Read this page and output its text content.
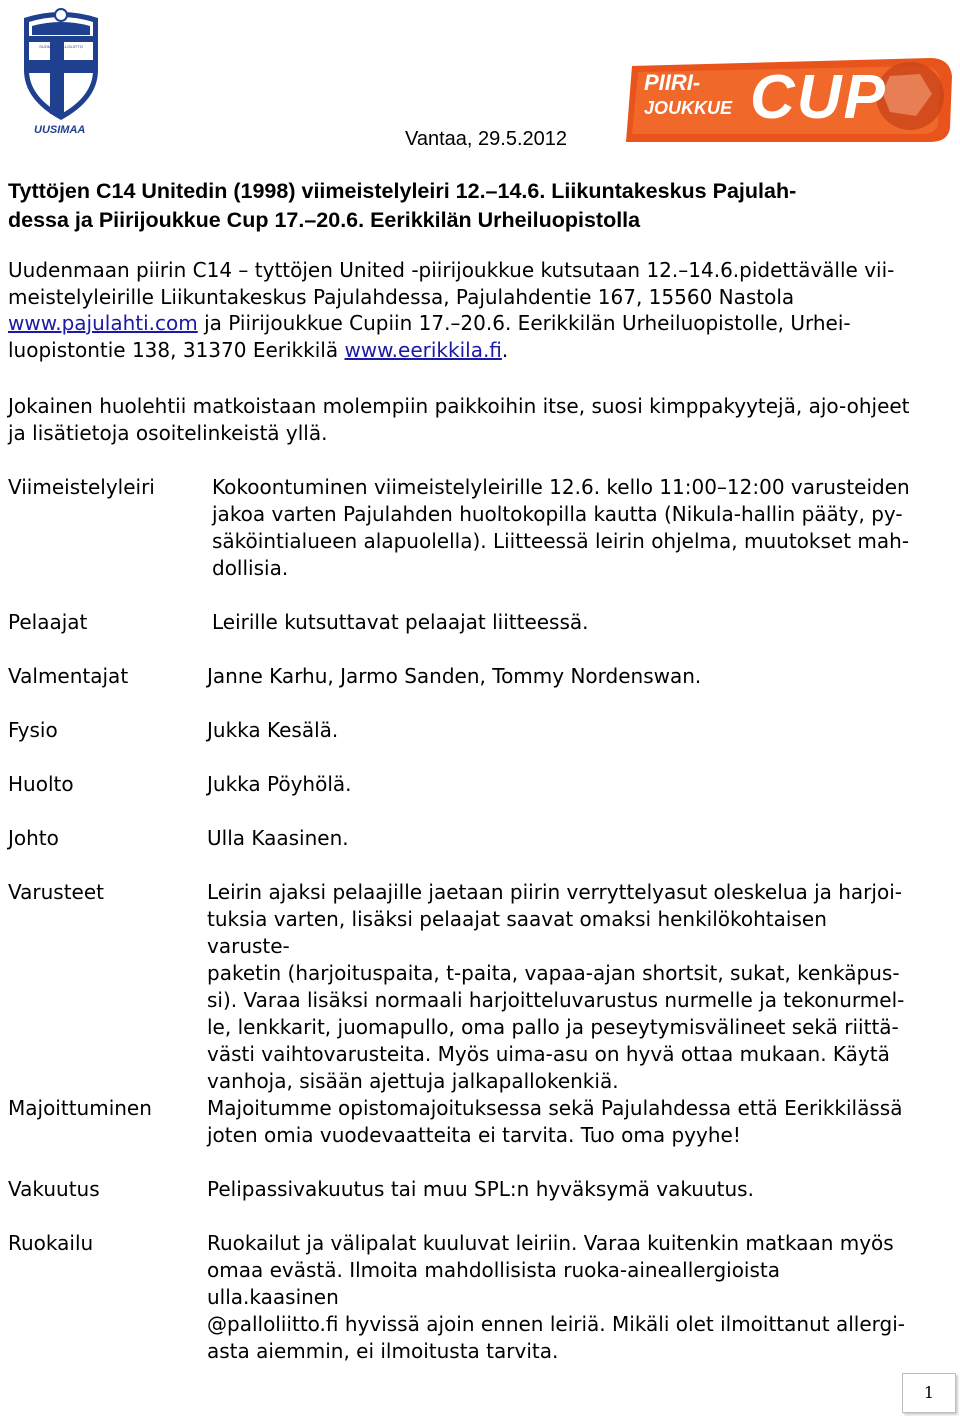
UUSIMAA
SUOMEN PALLOLIITTO
PIIRI-
JOUKKUE CUP
Vantaa, 29.5.2012
Tyttöjen C14 Unitedin (1998) viimeistelyleiri 12.–14.6. Liikuntakeskus Pajulah-
dessa ja Piirijoukkue Cup 17.–20.6. Eerikkilän Urheiluopistolla
Uudenmaan piirin C14 – tyttöjen United -piirijoukkue kutsutaan 12.–14.6.pidettävälle vii-
meistelyleirille Liikuntakeskus Pajulahdessa, Pajulahdentie 167, 15560 Nastola
www.pajulahti.com ja Piirijoukkue Cupiin 17.–20.6. Eerikkilän Urheiluopistolle, Urhei-
luopistontie 138, 31370 Eerikkilä www.eerikkila.fi.
Jokainen huolehtii matkoistaan molempiin paikkoihin itse, suosi kimppakyytejä, ajo-ohjeet
ja lisätietoja osoitelinkeistä yllä.
Viimeistelyleiri	Kokoontuminen viimeistelyleirille 12.6. kello 11:00–12:00 varusteiden
jakoa varten Pajulahden huoltokopilla kautta (Nikula-hallin pääty, py-
säköintialueen alapuolella). Liitteessä leirin ohjelma, muutokset mah-
dollisia.
Pelaajat	Leirille kutsuttavat pelaajat liitteessä.
Valmentajat	Janne Karhu, Jarmo Sanden, Tommy Nordenswan.
Fysio	Jukka Kesälä.
Huolto	Jukka Pöyhölä.
Johto	Ulla Kaasinen.
Varusteet	Leirin ajaksi pelaajille jaetaan piirin verryttelyasut oleskelua ja harjoi-
tuksia varten, lisäksi pelaajat saavat omaksi henkilökohtaisen varuste-
paketin (harjoituspaita, t-paita, vapaa-ajan shortsit, sukat, kenkäpus-
si). Varaa lisäksi normaali harjoitteluvarustus nurmelle ja tekonurmel-
le, lenkkarit, juomapullo, oma pallo ja peseytymisvälineet sekä riittä-
västi vaihtovarusteita. Myös uima-asu on hyvä ottaa mukaan. Käytä
vanhoja, sisään ajettuja jalkapallokenkiä.
Majoittuminen	Majoitumme opistomajoituksessa sekä Pajulahdessa että Eerikkilässä
joten omia vuodevaatteita ei tarvita. Tuo oma pyyhe!
Vakuutus	Pelipassivakuutus tai muu SPL:n hyväksymä vakuutus.
Ruokailu	Ruokailut ja välipalat kuuluvat leiriin. Varaa kuitenkin matkaan myös
omaa evästä. Ilmoita mahdollisista ruoka-aineallergioista ulla.kaasinen
@palloliitto.fi hyvissä ajoin ennen leiriä. Mikäli olet ilmoittanut allergi-
asta aiemmin, ei ilmoitusta tarvita.
1
